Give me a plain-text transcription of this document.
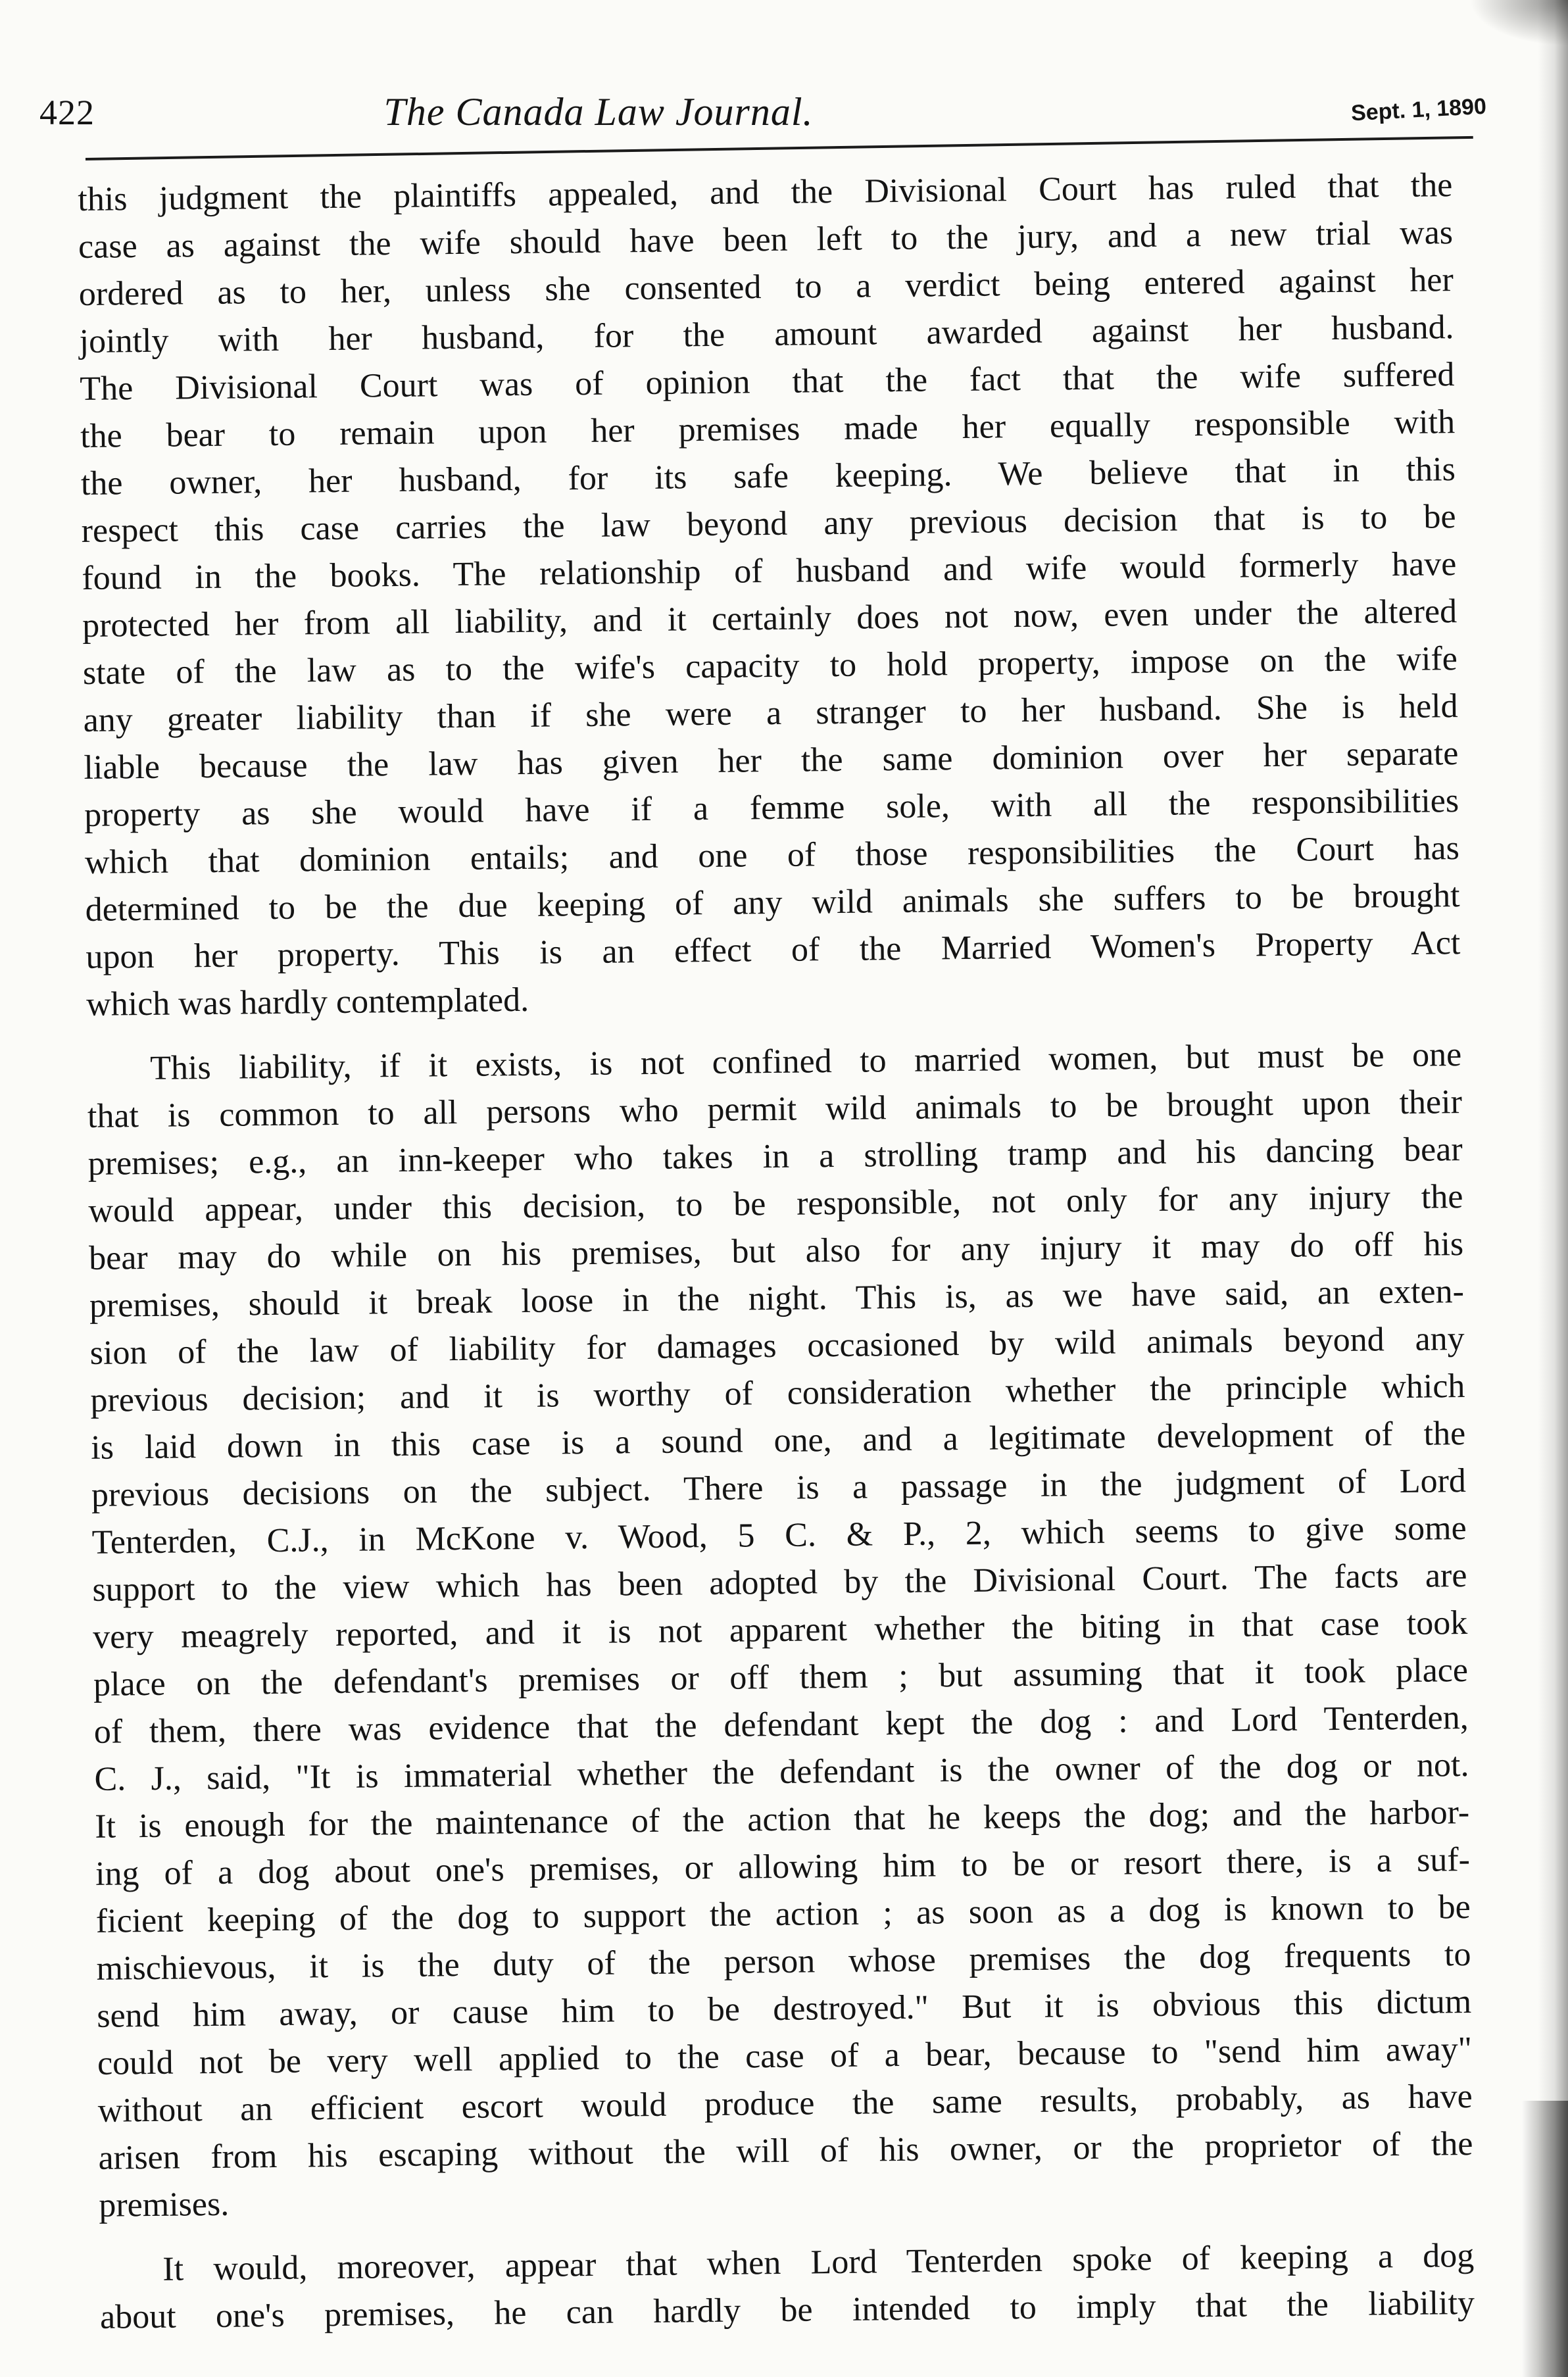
422	The Canada Law Journal.	Sept. 1, 1890
this judgment the plaintiffs appealed, and the Divisional Court has ruled that the
case as against the wife should have been left to the jury, and a new trial was
ordered as to her, unless she consented to a verdict being entered against her
jointly with her husband, for the amount awarded against her husband.
The Divisional Court was of opinion that the fact that the wife suffered
the bear to remain upon her premises made her equally responsible with
the owner, her husband, for its safe keeping. We believe that in this
respect this case carries the law beyond any previous decision that is to be
found in the books. The relationship of husband and wife would formerly have
protected her from all liability, and it certainly does not now, even under the altered
state of the law as to the wife's capacity to hold property, impose on the wife
any greater liability than if she were a stranger to her husband. She is held
liable because the law has given her the same dominion over her separate
property as she would have if a femme sole, with all the responsibilities
which that dominion entails; and one of those responsibilities the Court has
determined to be the due keeping of any wild animals she suffers to be brought
upon her property. This is an effect of the Married Women's Property Act
which was hardly contemplated.
This liability, if it exists, is not confined to married women, but must be one
that is common to all persons who permit wild animals to be brought upon their
premises; e.g., an inn-keeper who takes in a strolling tramp and his dancing bear
would appear, under this decision, to be responsible, not only for any injury the
bear may do while on his premises, but also for any injury it may do off his
premises, should it break loose in the night. This is, as we have said, an exten-
sion of the law of liability for damages occasioned by wild animals beyond any
previous decision; and it is worthy of consideration whether the principle which
is laid down in this case is a sound one, and a legitimate development of the
previous decisions on the subject. There is a passage in the judgment of Lord
Tenterden, C.J., in McKone v. Wood, 5 C. & P., 2, which seems to give some
support to the view which has been adopted by the Divisional Court. The facts are
very meagrely reported, and it is not apparent whether the biting in that case took
place on the defendant's premises or off them ; but assuming that it took place
of them, there was evidence that the defendant kept the dog : and Lord Tenterden,
C. J., said, "It is immaterial whether the defendant is the owner of the dog or not.
It is enough for the maintenance of the action that he keeps the dog; and the harbor-
ing of a dog about one's premises, or allowing him to be or resort there, is a suf-
ficient keeping of the dog to support the action ; as soon as a dog is known to be
mischievous, it is the duty of the person whose premises the dog frequents to
send him away, or cause him to be destroyed." But it is obvious this dictum
could not be very well applied to the case of a bear, because to "send him away"
without an efficient escort would produce the same results, probably, as have
arisen from his escaping without the will of his owner, or the proprietor of the
premises.
It would, moreover, appear that when Lord Tenterden spoke of keeping a dog
about one's premises, he can hardly be intended to imply that the liability
